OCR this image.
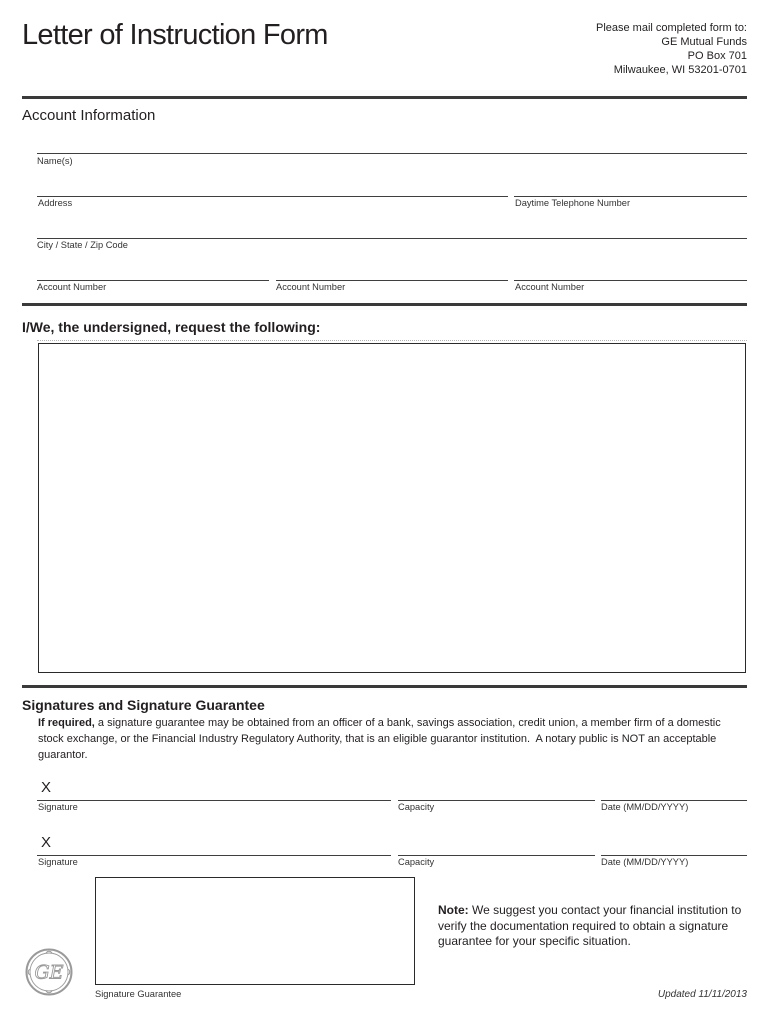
Letter of Instruction Form	Please mail completed form to:
GE Mutual Funds
PO Box 701
Milwaukee, WI 53201-0701
Account Information
Name(s)
Address	Daytime Telephone Number
City / State / Zip Code
Account Number	Account Number	Account Number
I/We, the undersigned, request the following:
Signatures and Signature Guarantee

If required, a signature guarantee may be obtained from an officer of a bank, savings association, credit union, a member firm of a domestic stock exchange, or the Financial Industry Regulatory Authority, that is an eligible guarantor institution.  A notary public is NOT an acceptable guarantor.

X
Signature	Capacity	Date (MM/DD/YYYY)
X
Signature	Capacity	Date (MM/DD/YYYY)
Signature Guarantee

Note: We suggest you contact your financial institution to verify the documentation required to obtain a signature guarantee for your specific situation.

GE
Updated 11/11/2013
